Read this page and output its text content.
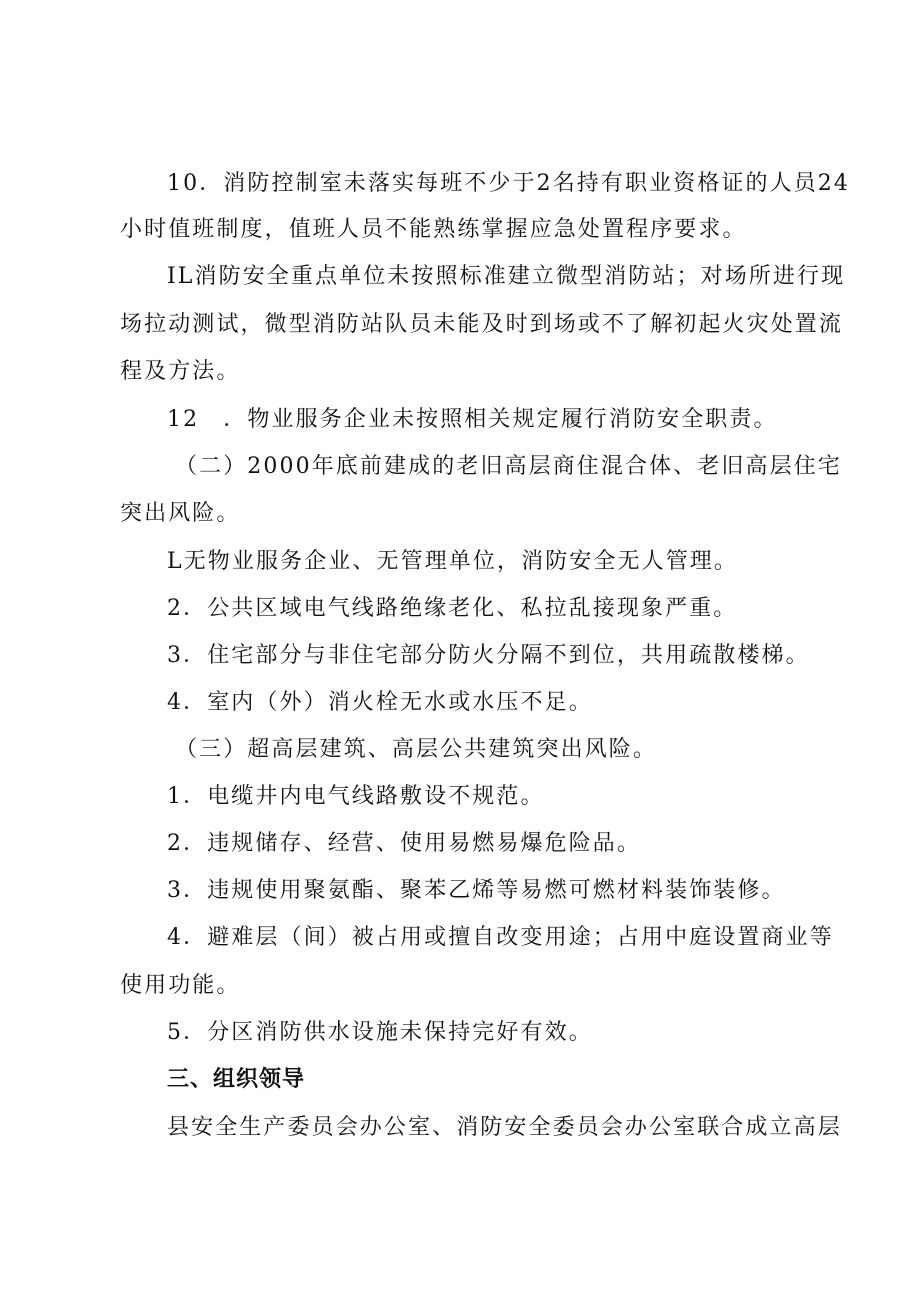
10．消防控制室未落实每班不少于2名持有职业资格证的人员24
小时值班制度，值班人员不能熟练掌握应急处置程序要求。
IL消防安全重点单位未按照标准建立微型消防站；对场所进行现
场拉动测试，微型消防站队员未能及时到场或不了解初起火灾处置流
程及方法。
12　．物业服务企业未按照相关规定履行消防安全职责。
（二）2000年底前建成的老旧高层商住混合体、老旧高层住宅
突出风险。
L无物业服务企业、无管理单位，消防安全无人管理。
2．公共区域电气线路绝缘老化、私拉乱接现象严重。
3．住宅部分与非住宅部分防火分隔不到位，共用疏散楼梯。
4．室内（外）消火栓无水或水压不足。
（三）超高层建筑、高层公共建筑突出风险。
1．电缆井内电气线路敷设不规范。
2．违规储存、经营、使用易燃易爆危险品。
3．违规使用聚氨酯、聚苯乙烯等易燃可燃材料装饰装修。
4．避难层（间）被占用或擅自改变用途；占用中庭设置商业等
使用功能。
5．分区消防供水设施未保持完好有效。
三、组织领导
县安全生产委员会办公室、消防安全委员会办公室联合成立高层
